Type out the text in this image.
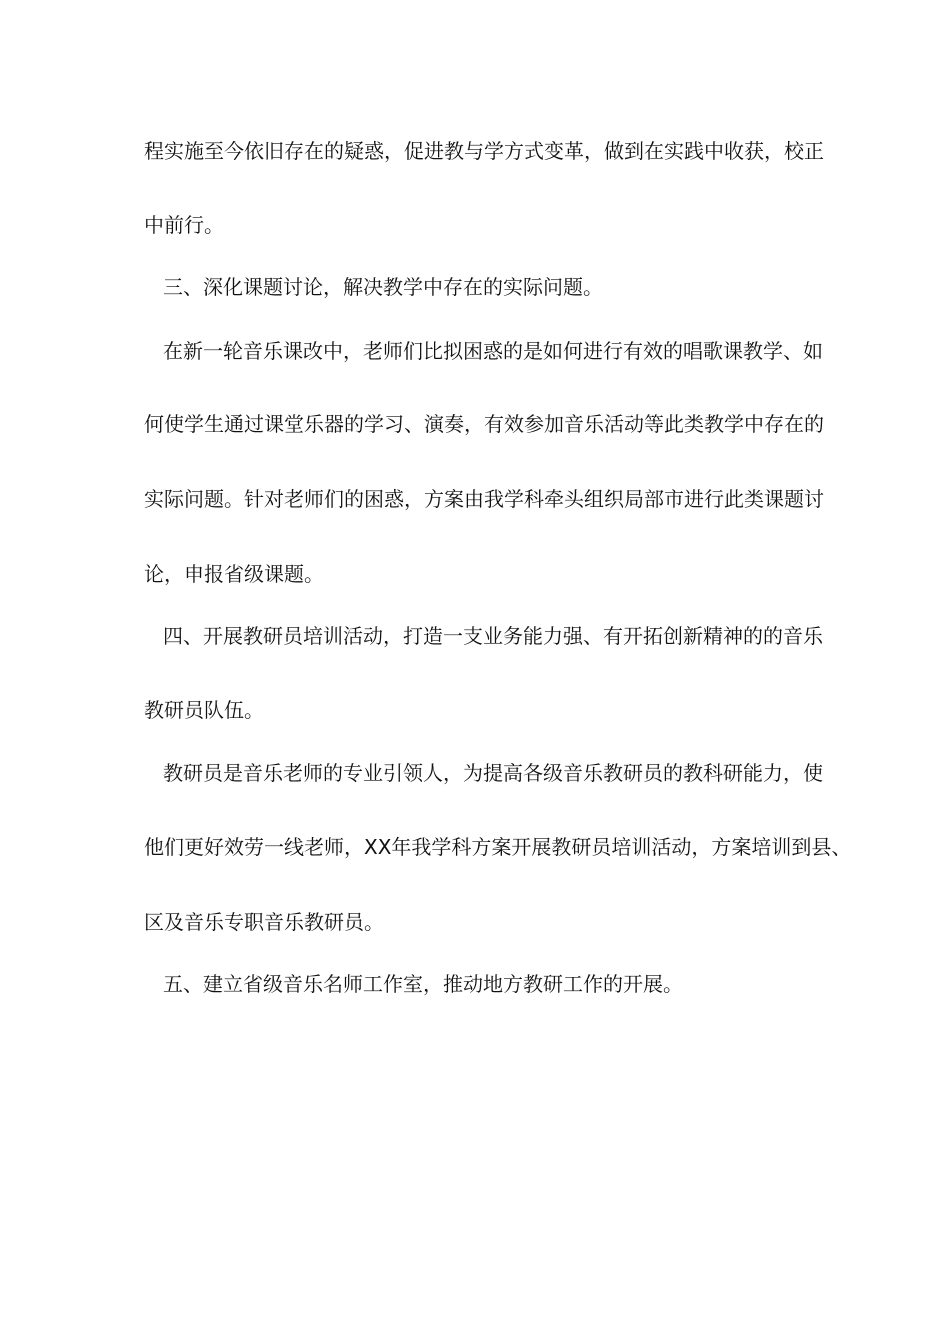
程实施至今依旧存在的疑惑，促进教与学方式变革，做到在实践中收获，校正
中前行。
三、深化课题讨论，解决教学中存在的实际问题。
在新一轮音乐课改中，老师们比拟困惑的是如何进行有效的唱歌课教学、如
何使学生通过课堂乐器的学习、演奏，有效参加音乐活动等此类教学中存在的
实际问题。针对老师们的困惑，方案由我学科牵头组织局部市进行此类课题讨
论，申报省级课题。
四、开展教研员培训活动，打造一支业务能力强、有开拓创新精神的的音乐
教研员队伍。
教研员是音乐老师的专业引领人，为提高各级音乐教研员的教科研能力，使
他们更好效劳一线老师，XX年我学科方案开展教研员培训活动，方案培训到县、
区及音乐专职音乐教研员。
五、建立省级音乐名师工作室，推动地方教研工作的开展。
